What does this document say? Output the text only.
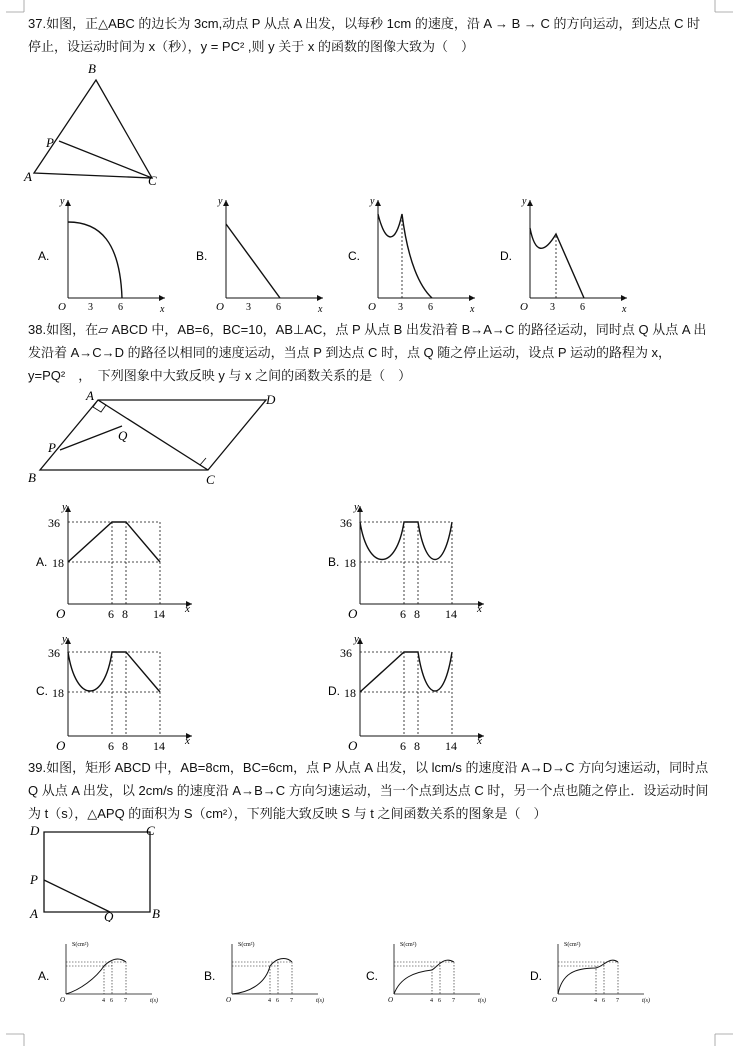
37.如图，正△ABC 的边长为 3cm,动点 P 从点 A 出发，以每秒 1cm 的速度，沿 A → B → C 的方向运动，到达点 C 时停止，设运动时间为 x（秒），y = PC² ,则 y 关于 x 的函数的图像大致为（　）
B
P
A	C
A.
y
x
O 3	6
B.
y
x
O 3	6
C.
y
x
O 3	6
D.
y
x
O 3	6
38.如图，在▱ ABCD 中，AB=6，BC=10，AB⊥AC，点 P 从点 B 出发沿着 B→A→C 的路径运动，同时点 Q 从点 A 出发沿着 A→C→D 的路径以相同的速度运动，当点 P 到达点 C 时，点 Q 随之停止运动，设点 P 运动的路程为 x，y=PQ²　，　下列图象中大致反映 y 与 x 之间的函数关系的是（　）
A	D
P
Q
B	C
A.
y
x
O
36
18
6 8 14
B.
y
x
O
36
18
6 8 14
C.
y
x
O
36
18
6 8 14
D.
y
x
O
36
18
6 8 14
39.如图，矩形 ABCD 中，AB=8cm，BC=6cm，点 P 从点 A 出发，以 lcm/s 的速度沿 A→D→C 方向匀速运动，同时点 Q 从点 A 出发，以 2cm/s 的速度沿 A→B→C 方向匀速运动，当一个点到达点 C 时，另一个点也随之停止．设运动时间为 t（s），△APQ 的面积为 S（cm²），下列能大致反映 S 与 t 之间函数关系的图象是（　）
D	C
P
A	Q	B
A.
S(cm²)
t(s)
O	4 6 7
B.
S(cm²)
t(s)
O	4 6 7
C.
S(cm²)
t(s)
O	4 6 7
D.
S(cm²)
t(s)
O	4 6 7
